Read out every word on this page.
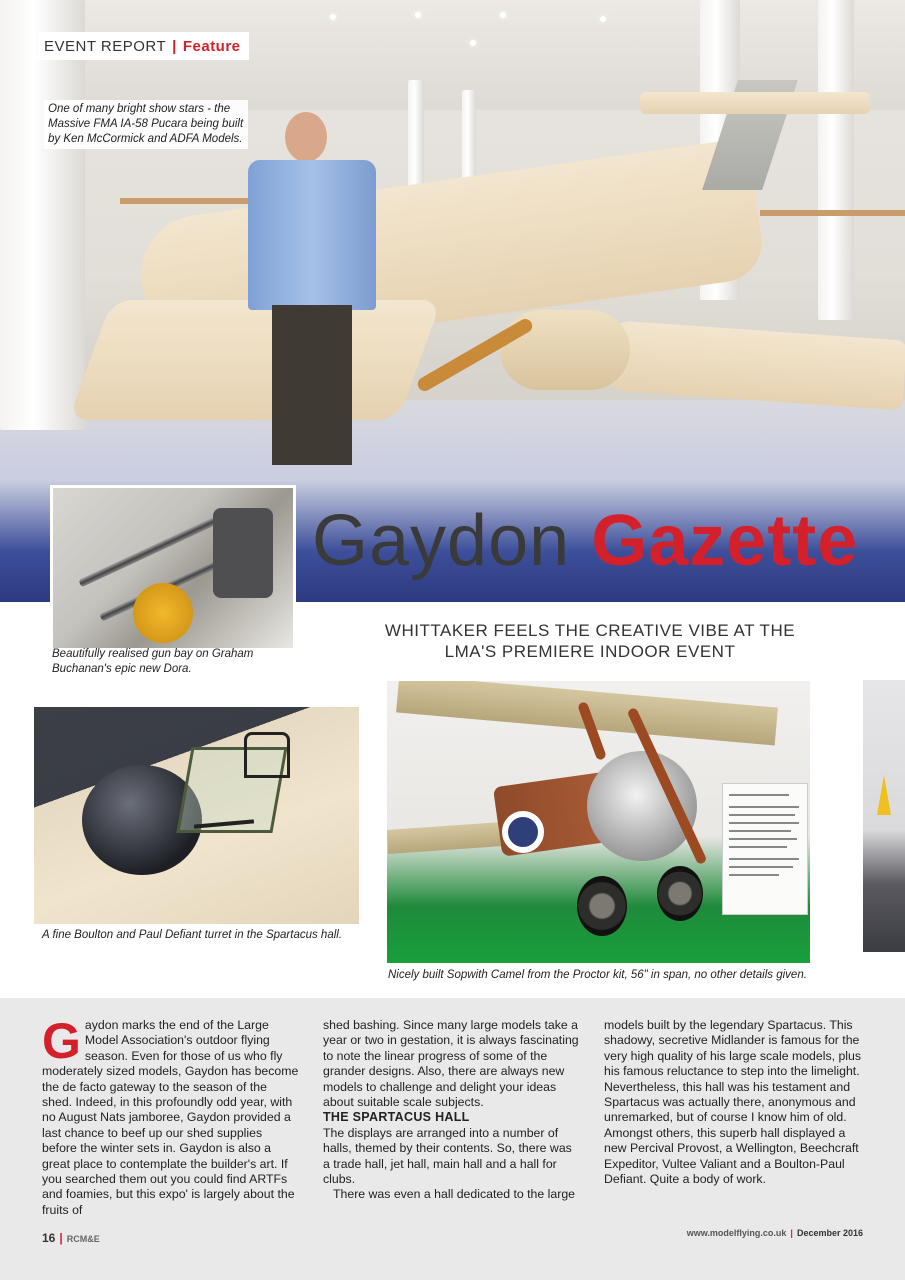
EVENT REPORT | Feature
One of many bright show stars - the Massive FMA IA-58 Pucara being built by Ken McCormick and ADFA Models.
Gaydon Gazette
Beautifully realised gun bay on Graham Buchanan's epic new Dora.
WHITTAKER FEELS THE CREATIVE VIBE AT THE LMA'S PREMIERE INDOOR EVENT
A fine Boulton and Paul Defiant turret in the Spartacus hall.
Nicely built Sopwith Camel from the Proctor kit, 56" in span, no other details given.

Gaydon marks the end of the Large Model Association's outdoor flying season. Even for those of us who fly moderately sized models, Gaydon has become the de facto gateway to the season of the shed. Indeed, in this profoundly odd year, with no August Nats jamboree, Gaydon provided a last chance to beef up our shed supplies before the winter sets in. Gaydon is also a great place to contemplate the builder's art. If you searched them out you could find ARTFs and foamies, but this expo' is largely about the fruits of

shed bashing. Since many large models take a year or two in gestation, it is always fascinating to note the linear progress of some of the grander designs. Also, there are always new models to challenge and delight your ideas about suitable scale subjects.

THE SPARTACUS HALL

The displays are arranged into a number of halls, themed by their contents. So, there was a trade hall, jet hall, main hall and a hall for clubs.

There was even a hall dedicated to the large

models built by the legendary Spartacus. This shadowy, secretive Midlander is famous for the very high quality of his large scale models, plus his famous reluctance to step into the limelight. Nevertheless, this hall was his testament and Spartacus was actually there, anonymous and unremarked, but of course I know him of old. Amongst others, this superb hall displayed a new Percival Provost, a Wellington, Beechcraft Expeditor, Vultee Valiant and a Boulton-Paul Defiant. Quite a body of work.

16 | RCM&E
www.modelflying.co.uk | December 2016
